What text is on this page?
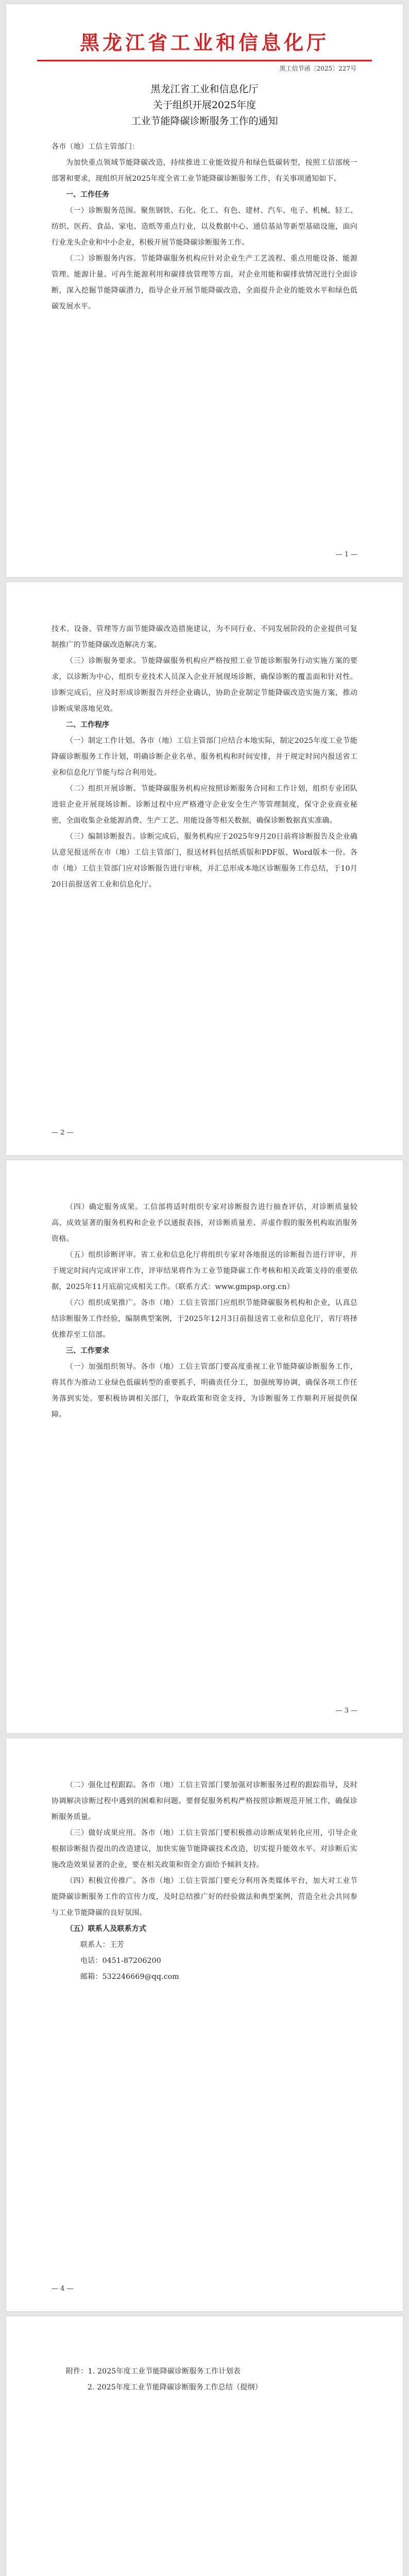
黑龙江省工业和信息化厅
黑工信节函〔2025〕227号
黑龙江省工业和信息化厅
关于组织开展2025年度
工业节能降碳诊断服务工作的通知

各市（地）工信主管部门：

为加快重点领域节能降碳改造，持续推进工业能效提升和绿色低碳转型，按照工信部统一部署和要求，现组织开展2025年度全省工业节能降碳诊断服务工作，有关事项通知如下。

一、工作任务

（一）诊断服务范围。聚焦钢铁、石化、化工、有色、建材、汽车、电子、机械、轻工、纺织、医药、食品、家电、造纸等重点行业，以及数据中心、通信基站等新型基础设施，面向行业龙头企业和中小企业，积极开展节能降碳诊断服务工作。

（二）诊断服务内容。节能降碳服务机构应针对企业生产工艺流程、重点用能设备、能源管理、能源计量、可再生能源利用和碳排放管理等方面，对企业用能和碳排放情况进行全面诊断，深入挖掘节能降碳潜力，指导企业开展节能降碳改造，全面提升企业的能效水平和绿色低碳发展水平。

— 1 —

技术、设备、管理等方面节能降碳改造措施建议，为不同行业、不同发展阶段的企业提供可复制推广的节能降碳改造解决方案。

（三）诊断服务要求。节能降碳服务机构应严格按照工业节能诊断服务行动实施方案的要求，以诊断为中心，组织专业技术人员深入企业开展现场诊断，确保诊断的覆盖面和针对性。诊断完成后，应及时形成诊断报告并经企业确认，协助企业制定节能降碳改造实施方案，推动诊断成果落地见效。

二、工作程序

（一）制定工作计划。各市（地）工信主管部门应结合本地实际，制定2025年度工业节能降碳诊断服务工作计划，明确诊断企业名单、服务机构和时间安排，并于规定时间内报送省工业和信息化厅节能与综合利用处。

（二）组织开展诊断。节能降碳服务机构应按照诊断服务合同和工作计划，组织专业团队进驻企业开展现场诊断。诊断过程中应严格遵守企业安全生产等管理制度，保守企业商业秘密，全面收集企业能源消费、生产工艺、用能设备等相关数据，确保诊断数据真实准确。

（三）编制诊断报告。诊断完成后，服务机构应于2025年9月20日前将诊断报告及企业确认意见报送所在市（地）工信主管部门，报送材料包括纸质版和PDF版、Word版本一份。各市（地）工信主管部门应对诊断报告进行审核，并汇总形成本地区诊断服务工作总结，于10月20日前报送省工业和信息化厅。

— 2 —

（四）确定服务成果。工信部将适时组织专家对诊断报告进行抽查评估，对诊断质量较高、成效显著的服务机构和企业予以通报表扬，对诊断质量差、弄虚作假的服务机构取消服务资格。

（五）组织诊断评审。省工业和信息化厅将组织专家对各地报送的诊断报告进行评审，并于规定时间内完成评审工作，评审结果将作为工业节能降碳工作考核和相关政策支持的重要依据，2025年11月底前完成相关工作。（联系方式：www.gmpsp.org.cn）

（六）组织成果推广。各市（地）工信主管部门应组织节能降碳服务机构和企业，认真总结诊断服务工作经验，编制典型案例，于2025年12月3日前报送省工业和信息化厅，省厅将择优推荐至工信部。

三、工作要求

（一）加强组织领导。各市（地）工信主管部门要高度重视工业节能降碳诊断服务工作，将其作为推动工业绿色低碳转型的重要抓手，明确责任分工，加强统筹协调，确保各项工作任务落到实处。要积极协调相关部门，争取政策和资金支持，为诊断服务工作顺利开展提供保障。

— 3 —

（二）强化过程跟踪。各市（地）工信主管部门要加强对诊断服务过程的跟踪指导，及时协调解决诊断过程中遇到的困难和问题。要督促服务机构严格按照诊断规范开展工作，确保诊断服务质量。

（三）做好成果应用。各市（地）工信主管部门要积极推动诊断成果转化应用，引导企业根据诊断报告提出的改造建议，加快实施节能降碳技术改造，切实提升能效水平。对诊断后实施改造效果显著的企业，要在相关政策和资金方面给予倾斜支持。

（四）积极宣传推广。各市（地）工信主管部门要充分利用各类媒体平台，加大对工业节能降碳诊断服务工作的宣传力度，及时总结推广好的经验做法和典型案例，营造全社会共同参与工业节能降碳的良好氛围。

（五）联系人及联系方式

联系人：王芳

电话：0451-87206200

邮箱：532246669@qq.com

— 4 —

附件：1. 2025年度工业节能降碳诊断服务工作计划表

2. 2025年度工业节能降碳诊断服务工作总结（提纲）
